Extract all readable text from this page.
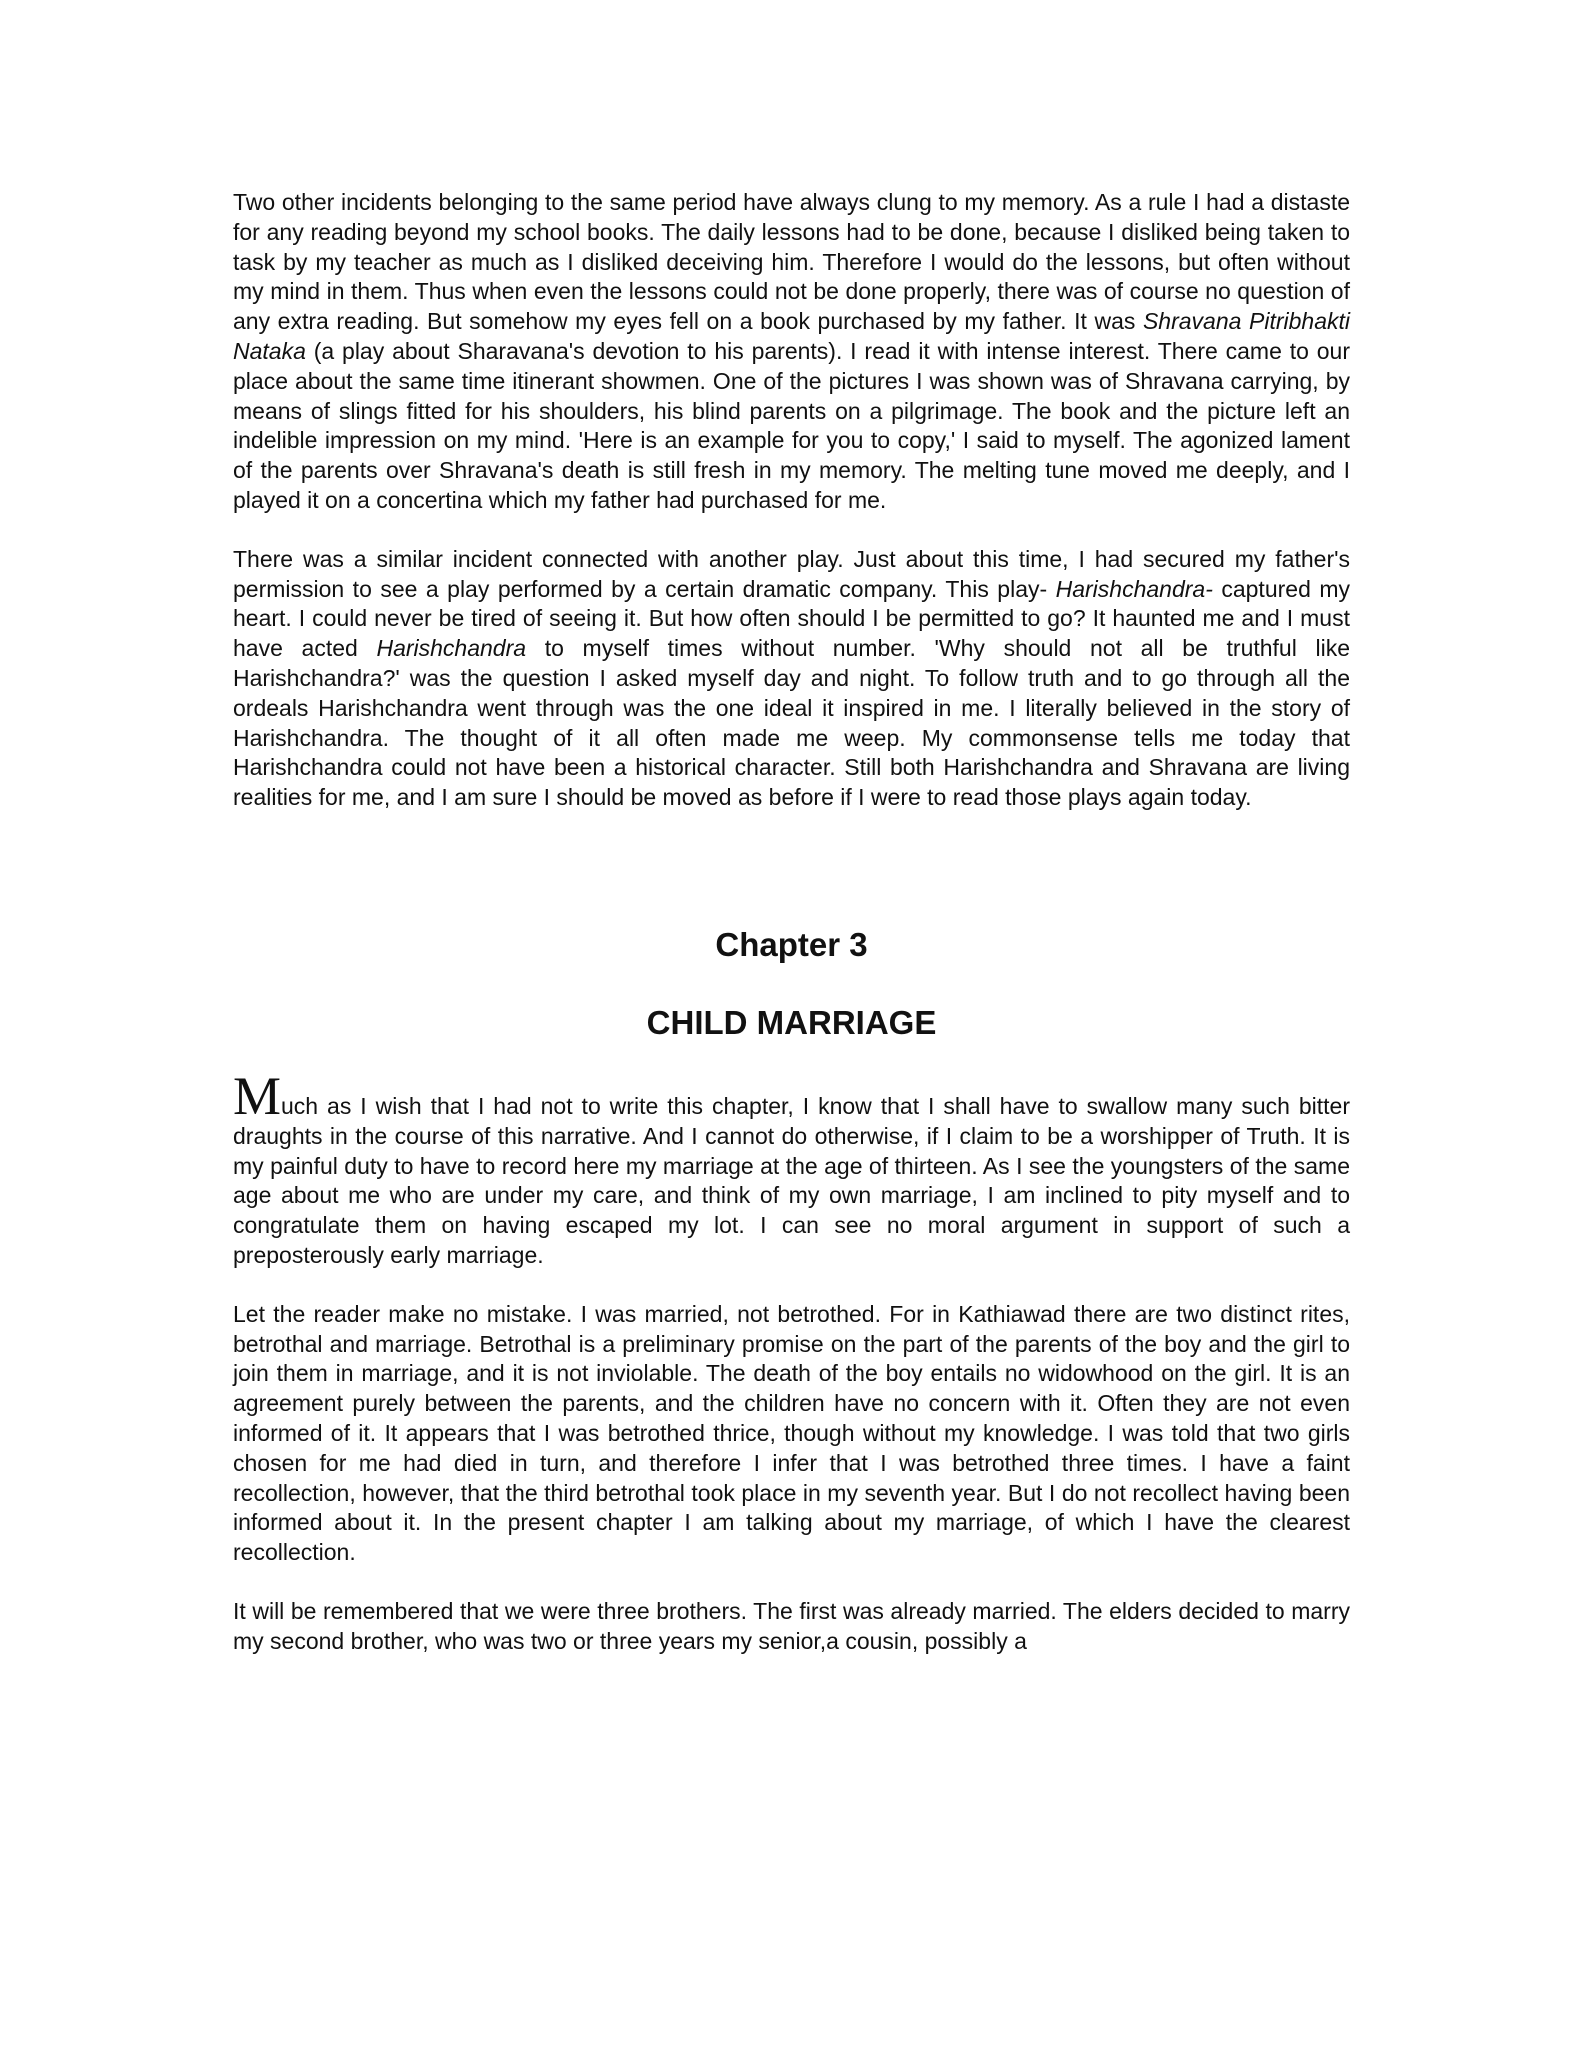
Two other incidents belonging to the same period have always clung to my memory. As a rule I had a distaste for any reading beyond my school books. The daily lessons had to be done, because I disliked being taken to task by my teacher as much as I disliked deceiving him. Therefore I would do the lessons, but often without my mind in them. Thus when even the lessons could not be done properly, there was of course no question of any extra reading. But somehow my eyes fell on a book purchased by my father. It was Shravana Pitribhakti Nataka (a play about Sharavana's devotion to his parents). I read it with intense interest. There came to our place about the same time itinerant showmen. One of the pictures I was shown was of Shravana carrying, by means of slings fitted for his shoulders, his blind parents on a pilgrimage. The book and the picture left an indelible impression on my mind. 'Here is an example for you to copy,' I said to myself. The agonized lament of the parents over Shravana's death is still fresh in my memory. The melting tune moved me deeply, and I played it on a concertina which my father had purchased for me.

There was a similar incident connected with another play. Just about this time, I had secured my father's permission to see a play performed by a certain dramatic company. This play- Harishchandra- captured my heart. I could never be tired of seeing it. But how often should I be permitted to go? It haunted me and I must have acted Harishchandra to myself times without number. 'Why should not all be truthful like Harishchandra?' was the question I asked myself day and night. To follow truth and to go through all the ordeals Harishchandra went through was the one ideal it inspired in me. I literally believed in the story of Harishchandra. The thought of it all often made me weep. My commonsense tells me today that Harishchandra could not have been a historical character. Still both Harishchandra and Shravana are living realities for me, and I am sure I should be moved as before if I were to read those plays again today.

Chapter 3
CHILD MARRIAGE

Much as I wish that I had not to write this chapter, I know that I shall have to swallow many such bitter draughts in the course of this narrative. And I cannot do otherwise, if I claim to be a worshipper of Truth. It is my painful duty to have to record here my marriage at the age of thirteen. As I see the youngsters of the same age about me who are under my care, and think of my own marriage, I am inclined to pity myself and to congratulate them on having escaped my lot. I can see no moral argument in support of such a preposterously early marriage.

Let the reader make no mistake. I was married, not betrothed. For in Kathiawad there are two distinct rites, betrothal and marriage. Betrothal is a preliminary promise on the part of the parents of the boy and the girl to join them in marriage, and it is not inviolable. The death of the boy entails no widowhood on the girl. It is an agreement purely between the parents, and the children have no concern with it. Often they are not even informed of it. It appears that I was betrothed thrice, though without my knowledge. I was told that two girls chosen for me had died in turn, and therefore I infer that I was betrothed three times. I have a faint recollection, however, that the third betrothal took place in my seventh year. But I do not recollect having been informed about it. In the present chapter I am talking about my marriage, of which I have the clearest recollection.

It will be remembered that we were three brothers. The first was already married. The elders decided to marry my second brother, who was two or three years my senior,a cousin, possibly a
